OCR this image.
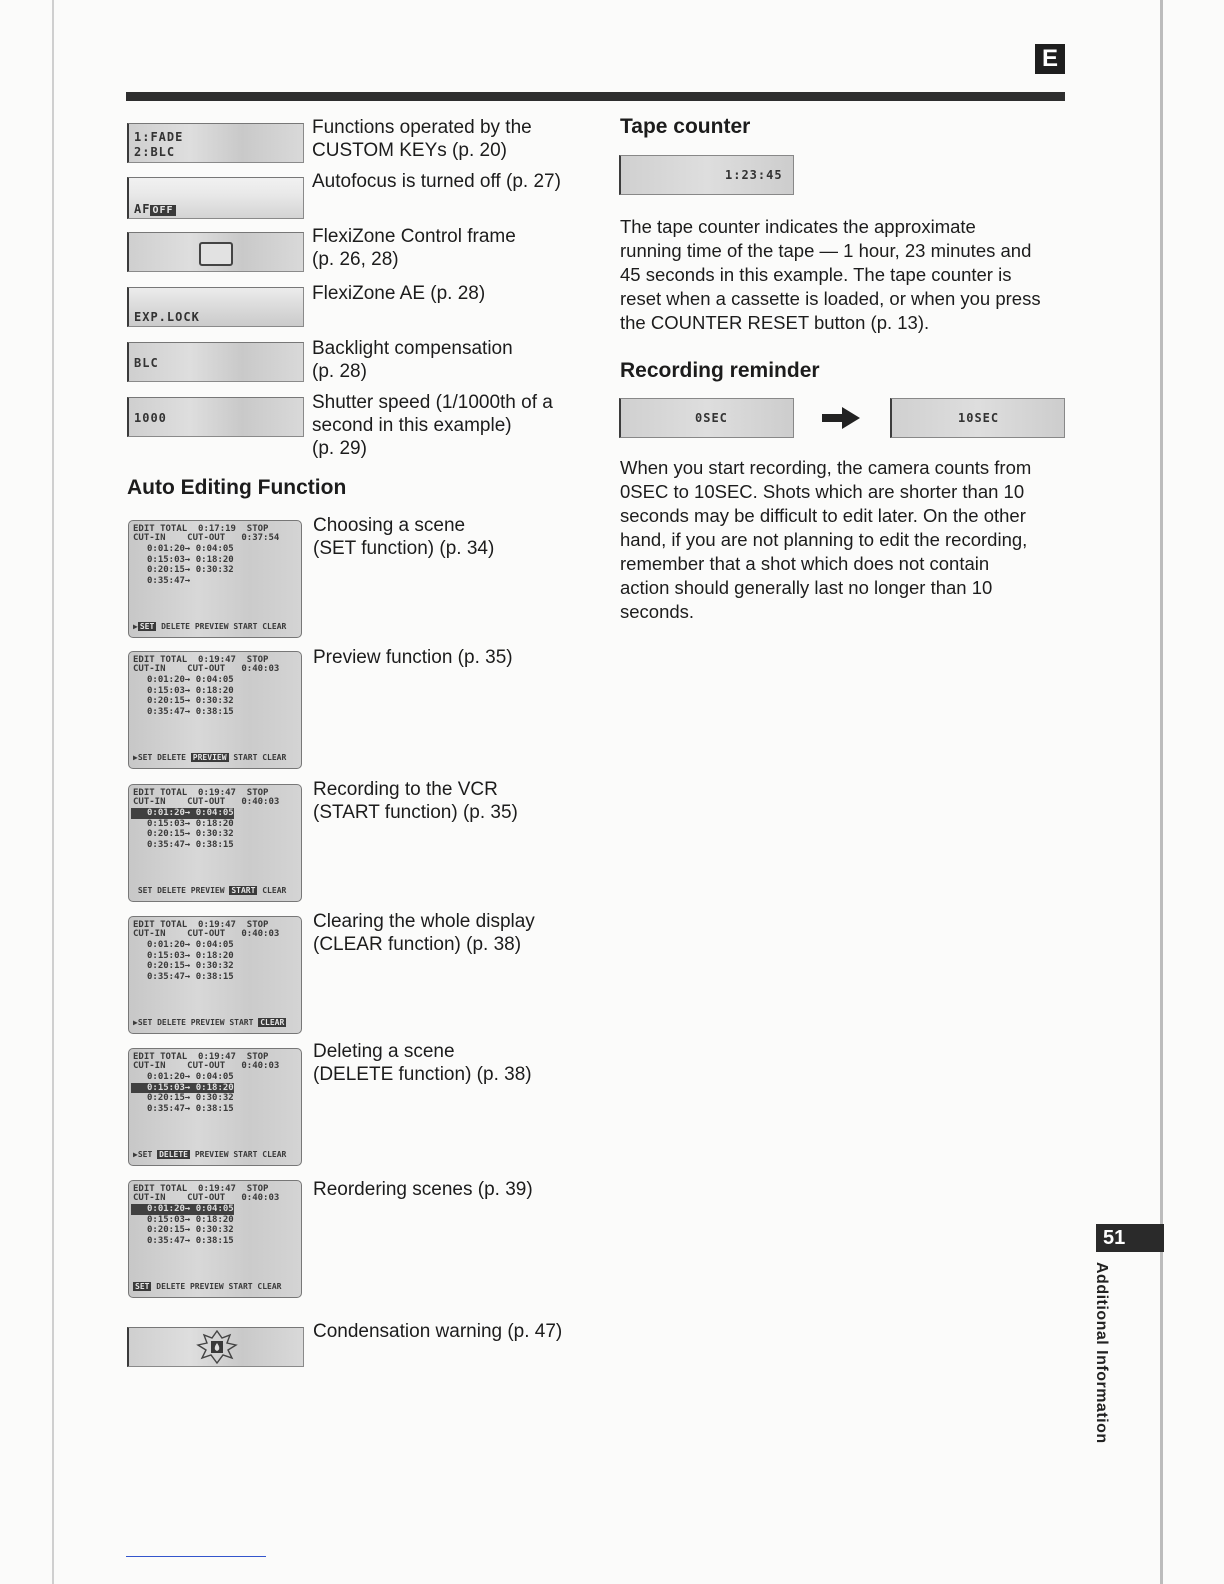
E
1:FADE
2:BLC
Functions operated by the
CUSTOM KEYs (p. 20)
AF OFF
Autofocus is turned off (p. 27)
FlexiZone Control frame
(p. 26, 28)
EXP.LOCK
FlexiZone AE (p. 28)
BLC
Backlight compensation
(p. 28)
1000
Shutter speed (1/1000th of a
second in this example)
(p. 29)
Auto Editing Function
EDIT TOTAL  0:17:19  STOP
CUT-IN    CUT-OUT   0:37:54
0:01:20→ 0:04:05
0:15:03→ 0:18:20
0:20:15→ 0:30:32
0:35:47→
▶ SET DELETE PREVIEW START CLEAR
Choosing a scene
(SET function) (p. 34)
EDIT TOTAL  0:19:47  STOP
CUT-IN    CUT-OUT   0:40:03
0:01:20→ 0:04:05
0:15:03→ 0:18:20
0:20:15→ 0:30:32
0:35:47→ 0:38:15
▶SET DELETE PREVIEW START CLEAR
Preview function (p. 35)
EDIT TOTAL  0:19:47  STOP
CUT-IN    CUT-OUT   0:40:03
0:01:20→ 0:04:05
0:15:03→ 0:18:20
0:20:15→ 0:30:32
0:35:47→ 0:38:15
SET DELETE PREVIEW START CLEAR
Recording to the VCR
(START function) (p. 35)
EDIT TOTAL  0:19:47  STOP
CUT-IN    CUT-OUT   0:40:03
0:01:20→ 0:04:05
0:15:03→ 0:18:20
0:20:15→ 0:30:32
0:35:47→ 0:38:15
▶SET DELETE PREVIEW START CLEAR
Clearing the whole display
(CLEAR function) (p. 38)
EDIT TOTAL  0:19:47  STOP
CUT-IN    CUT-OUT   0:40:03
0:01:20→ 0:04:05
0:15:03→ 0:18:20
0:20:15→ 0:30:32
0:35:47→ 0:38:15
▶SET DELETE PREVIEW START CLEAR
Deleting a scene
(DELETE function) (p. 38)
EDIT TOTAL  0:19:47  STOP
CUT-IN    CUT-OUT   0:40:03
0:01:20→ 0:04:05
0:15:03→ 0:18:20
0:20:15→ 0:30:32
0:35:47→ 0:38:15
SET DELETE PREVIEW START CLEAR
Reordering scenes (p. 39)
Condensation warning (p. 47)
Tape counter
1:23:45
The tape counter indicates the approximate
running time of the tape — 1 hour, 23 minutes and
45 seconds in this example. The tape counter is
reset when a cassette is loaded, or when you press
the COUNTER RESET button (p. 13).
Recording reminder
0SEC	10SEC
When you start recording, the camera counts from
0SEC to 10SEC. Shots which are shorter than 10
seconds may be difficult to edit later. On the other
hand, if you are not planning to edit the recording,
remember that a shot which does not contain
action should generally last no longer than 10
seconds.
51
Additional Information
